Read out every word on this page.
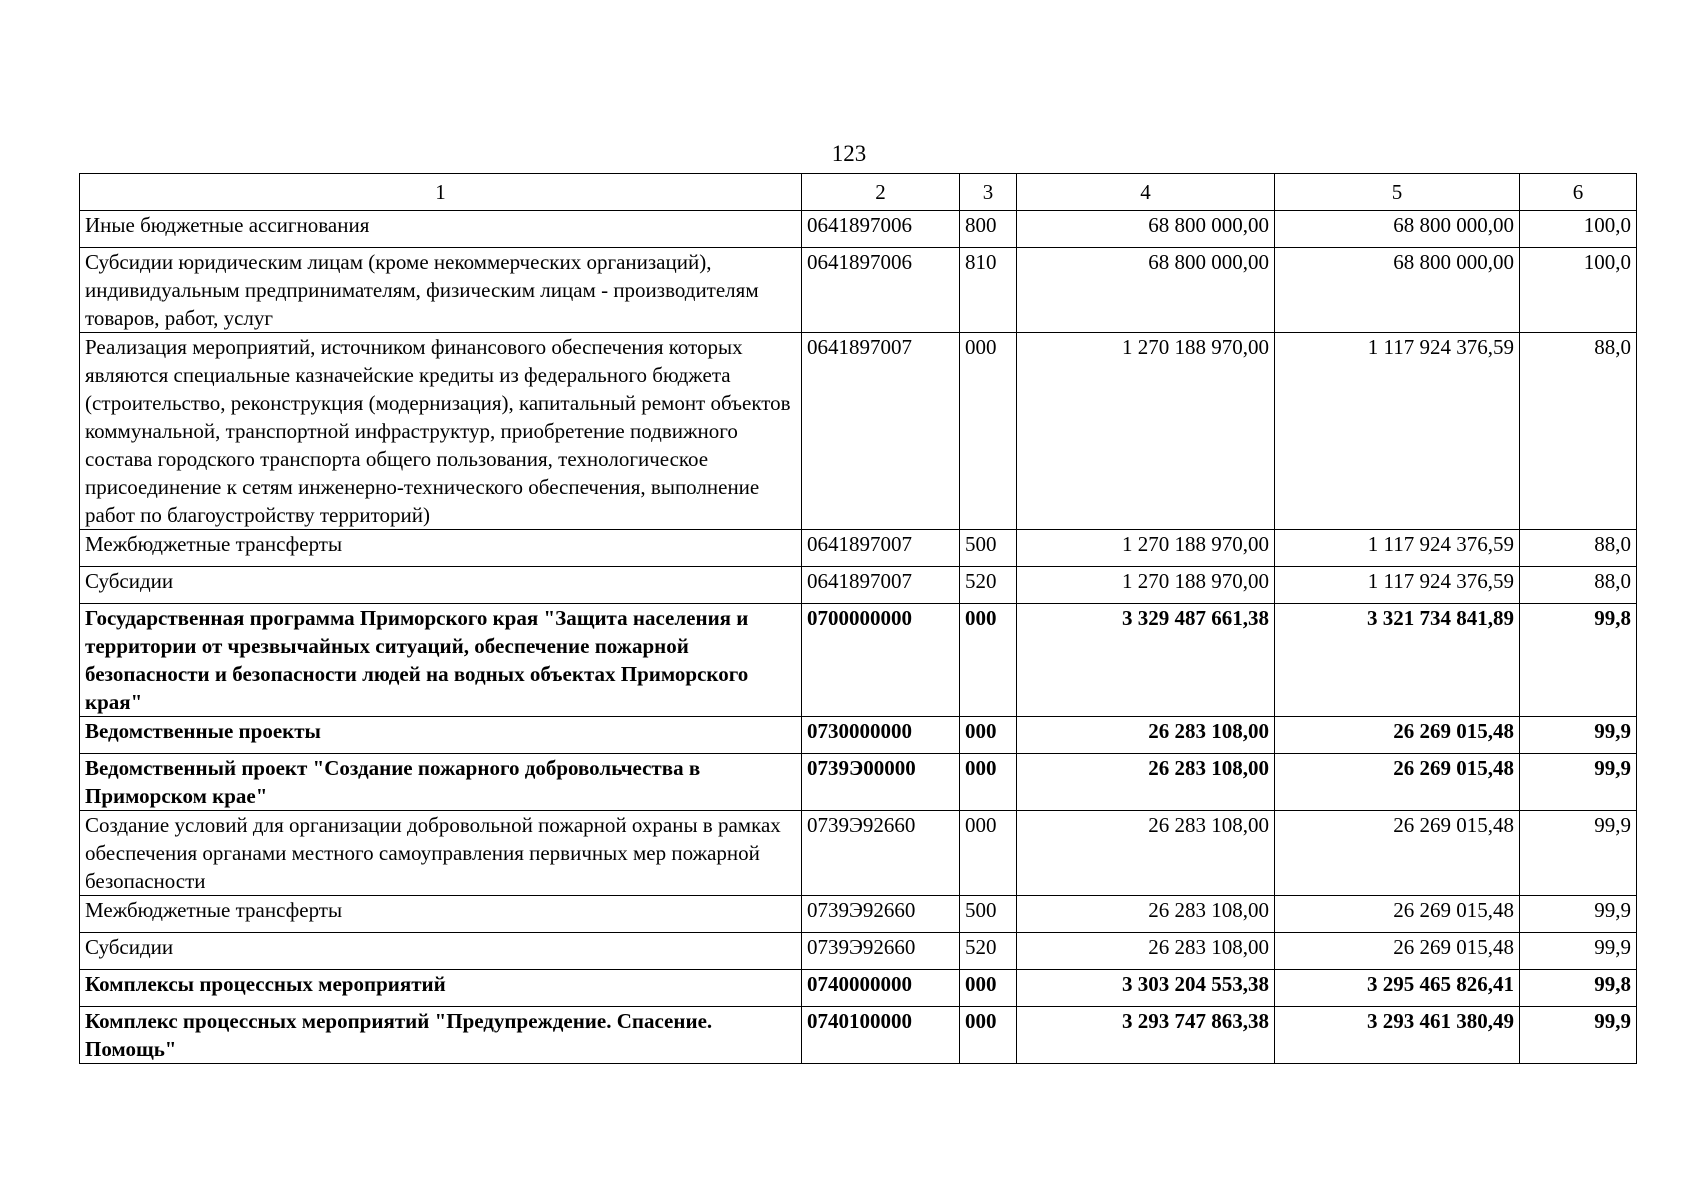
123
1	2	3	4	5	6
Иные бюджетные ассигнования	0641897006	800	68 800 000,00	68 800 000,00	100,0
Субсидии юридическим лицам (кроме некоммерческих организаций), индивидуальным предпринимателям, физическим лицам - производителям товаров, работ, услуг	0641897006	810	68 800 000,00	68 800 000,00	100,0
Реализация мероприятий, источником финансового обеспечения которых являются специальные казначейские кредиты из федерального бюджета (строительство, реконструкция (модернизация), капитальный ремонт объектов коммунальной, транспортной инфраструктур, приобретение подвижного состава городского транспорта общего пользования, технологическое присоединение к сетям инженерно-технического обеспечения, выполнение работ по благоустройству территорий)	0641897007	000	1 270 188 970,00	1 117 924 376,59	88,0
Межбюджетные трансферты	0641897007	500	1 270 188 970,00	1 117 924 376,59	88,0
Субсидии	0641897007	520	1 270 188 970,00	1 117 924 376,59	88,0
Государственная программа Приморского края "Защита населения и территории от чрезвычайных ситуаций, обеспечение пожарной безопасности и безопасности людей на водных объектах Приморского края"	0700000000	000	3 329 487 661,38	3 321 734 841,89	99,8
Ведомственные проекты	0730000000	000	26 283 108,00	26 269 015,48	99,9
Ведомственный проект "Создание пожарного добровольчества в Приморском крае"	0739Э00000	000	26 283 108,00	26 269 015,48	99,9
Создание условий для организации добровольной пожарной охраны в рамках обеспечения органами местного самоуправления первичных мер пожарной безопасности	0739Э92660	000	26 283 108,00	26 269 015,48	99,9
Межбюджетные трансферты	0739Э92660	500	26 283 108,00	26 269 015,48	99,9
Субсидии	0739Э92660	520	26 283 108,00	26 269 015,48	99,9
Комплексы процессных мероприятий	0740000000	000	3 303 204 553,38	3 295 465 826,41	99,8
Комплекс процессных мероприятий "Предупреждение. Спасение. Помощь"	0740100000	000	3 293 747 863,38	3 293 461 380,49	99,9
